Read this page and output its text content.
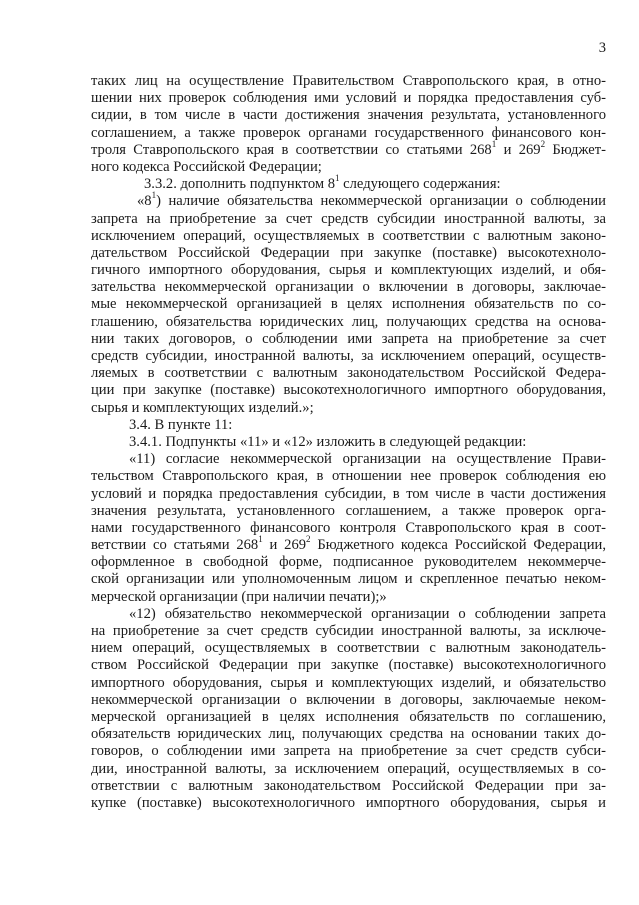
3
таких лиц на осуществление Правительством Ставропольского края, в отно-
шении них проверок соблюдения ими условий и порядка предоставления суб-
сидии, в том числе в части достижения значения результата, установленного
соглашением, а также проверок органами государственного финансового кон-
троля Ставропольского края в соответствии со статьями $268^1$ и $269^2$ Бюджет-
ного кодекса Российской Федерации;
3.3.2. дополнить подпунктом $8^1$ следующего содержания:
«$8^1$) наличие обязательства некоммерческой организации о соблюдении
запрета на приобретение за счет средств субсидии иностранной валюты, за
исключением операций, осуществляемых в соответствии с валютным законо-
дательством Российской Федерации при закупке (поставке) высокотехноло-
гичного импортного оборудования, сырья и комплектующих изделий, и обя-
зательства некоммерческой организации о включении в договоры, заключае-
мые некоммерческой организацией в целях исполнения обязательств по со-
глашению, обязательства юридических лиц, получающих средства на основа-
нии таких договоров, о соблюдении ими запрета на приобретение за счет
средств субсидии, иностранной валюты, за исключением операций, осуществ-
ляемых в соответствии с валютным законодательством Российской Федера-
ции при закупке (поставке) высокотехнологичного импортного оборудования,
сырья и комплектующих изделий.»;
3.4. В пункте 11:
3.4.1. Подпункты «11» и «12» изложить в следующей редакции:
«11) согласие некоммерческой организации на осуществление Прави-
тельством Ставропольского края, в отношении нее проверок соблюдения ею
условий и порядка предоставления субсидии, в том числе в части достижения
значения результата, установленного соглашением, а также проверок орга-
нами государственного финансового контроля Ставропольского края в соот-
ветствии со статьями $268^1$ и $269^2$ Бюджетного кодекса Российской Федерации,
оформленное в свободной форме, подписанное руководителем некоммерче-
ской организации или уполномоченным лицом и скрепленное печатью неком-
мерческой организации (при наличии печати);»
«12) обязательство некоммерческой организации о соблюдении запрета
на приобретение за счет средств субсидии иностранной валюты, за исключе-
нием операций, осуществляемых в соответствии с валютным законодатель-
ством Российской Федерации при закупке (поставке) высокотехнологичного
импортного оборудования, сырья и комплектующих изделий, и обязательство
некоммерческой организации о включении в договоры, заключаемые неком-
мерческой организацией в целях исполнения обязательств по соглашению,
обязательств юридических лиц, получающих средства на основании таких до-
говоров, о соблюдении ими запрета на приобретение за счет средств субси-
дии, иностранной валюты, за исключением операций, осуществляемых в со-
ответствии с валютным законодательством Российской Федерации при за-
купке (поставке) высокотехнологичного импортного оборудования, сырья и
